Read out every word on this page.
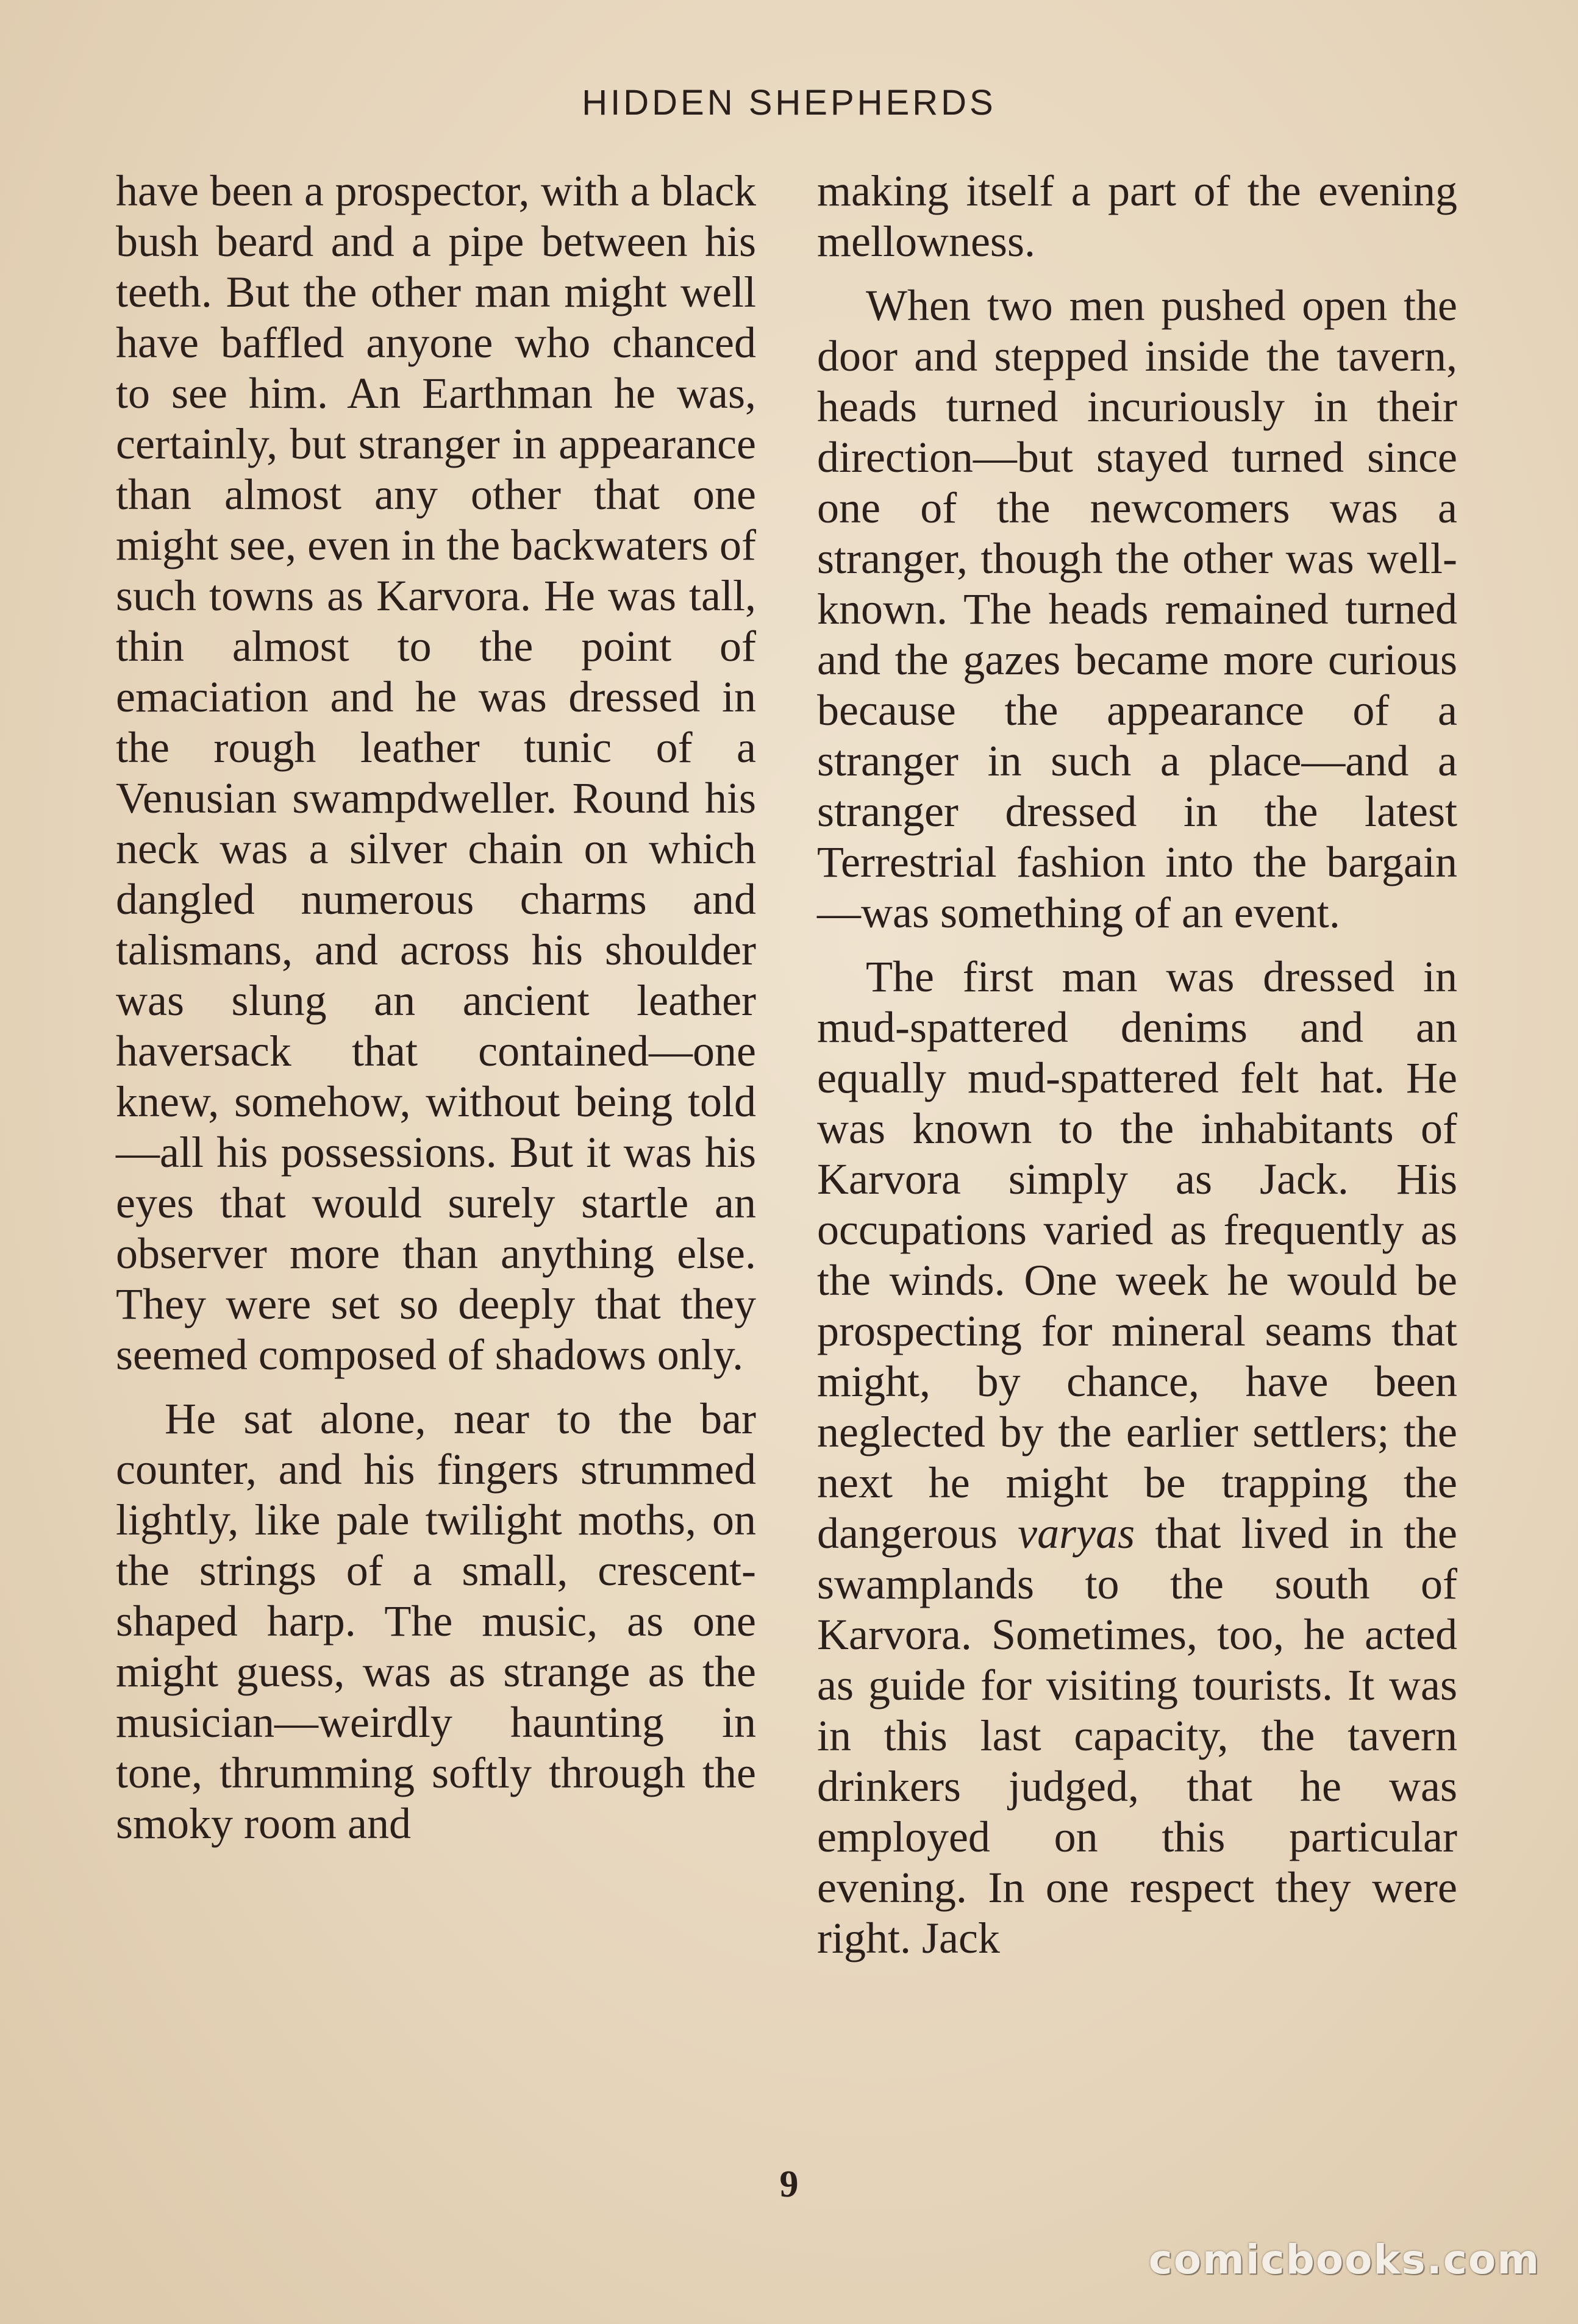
HIDDEN SHEPHERDS

have been a prospector, with a black bush beard and a pipe between his teeth. But the other man might well have baffled anyone who chanced to see him. An Earthman he was, certainly, but stranger in appearance than almost any other that one might see, even in the backwaters of such towns as Karvora. He was tall, thin almost to the point of emaciation and he was dressed in the rough leather tunic of a Venusian swampdweller. Round his neck was a silver chain on which dangled numerous charms and talismans, and across his shoulder was slung an ancient leather haversack that contained—one knew, somehow, without being told—all his possessions. But it was his eyes that would surely startle an observer more than anything else. They were set so deeply that they seemed composed of shadows only.

He sat alone, near to the bar counter, and his fingers strummed lightly, like pale twilight moths, on the strings of a small, crescent-shaped harp. The music, as one might guess, was as strange as the musician—weirdly haunting in tone, thrumming softly through the smoky room and

making itself a part of the evening mellowness.

When two men pushed open the door and stepped inside the tavern, heads turned incuriously in their direction—but stayed turned since one of the newcomers was a stranger, though the other was well-known. The heads remained turned and the gazes became more curious because the appearance of a stranger in such a place—and a stranger dressed in the latest Terrestrial fashion into the bargain—was something of an event.

The first man was dressed in mud-spattered denims and an equally mud-spattered felt hat. He was known to the inhabitants of Karvora simply as Jack. His occupations varied as frequently as the winds. One week he would be prospecting for mineral seams that might, by chance, have been neglected by the earlier settlers; the next he might be trapping the dangerous varyas that lived in the swamplands to the south of Karvora. Sometimes, too, he acted as guide for visiting tourists. It was in this last capacity, the tavern drinkers judged, that he was employed on this particular evening. In one respect they were right. Jack

9
comicbooks.com
